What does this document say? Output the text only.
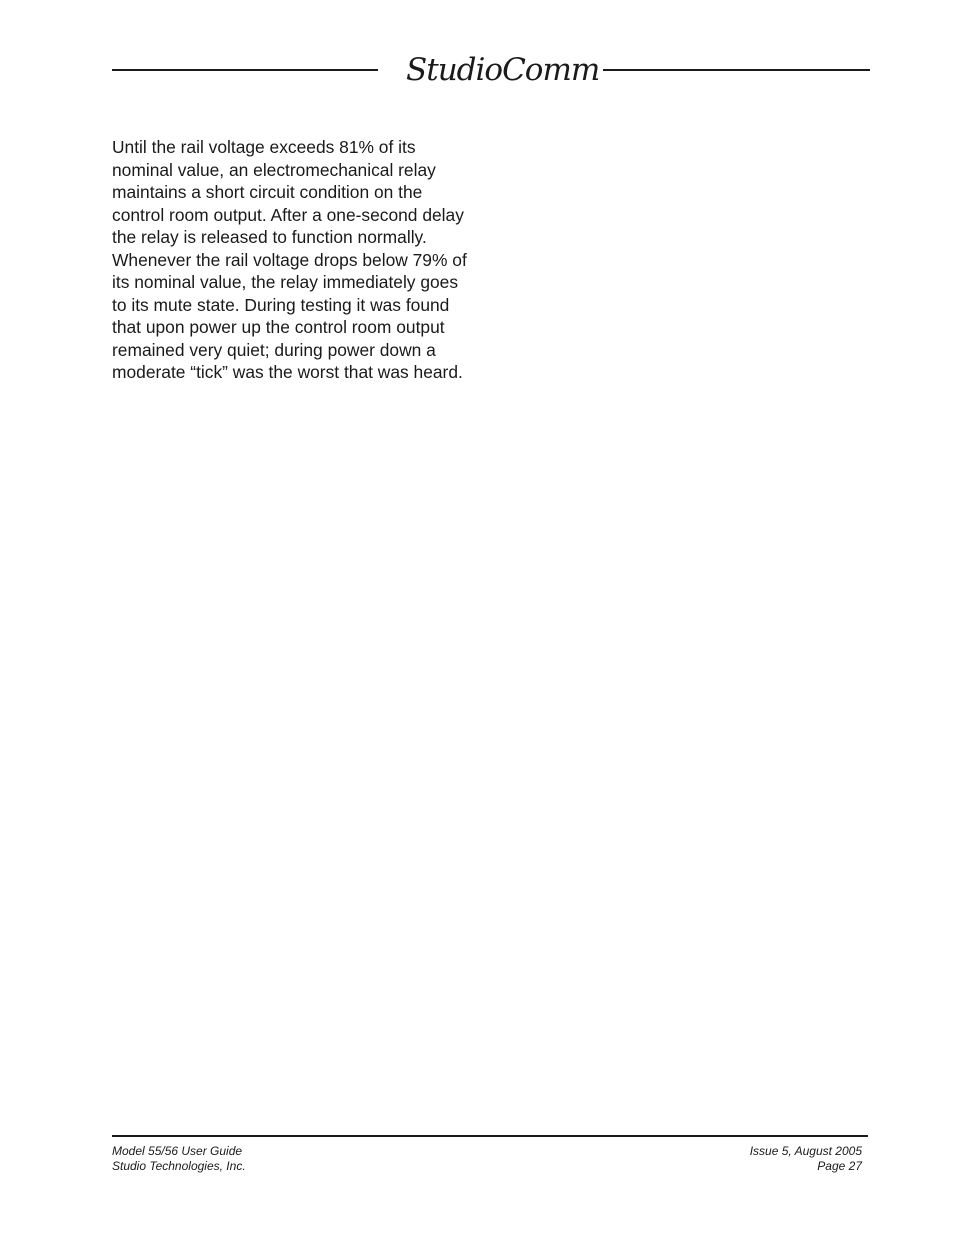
StudioComm

Until the rail voltage exceeds 81% of its nominal value, an electromechanical relay maintains a short circuit condition on the control room output. After a one-second delay the relay is released to function normally. Whenever the rail voltage drops below 79% of its nominal value, the relay immediately goes to its mute state. During testing it was found that upon power up the control room output remained very quiet; during power down a moderate “tick” was the worst that was heard.

Model 55/56 User Guide
Studio Technologies, Inc.
Issue 5, August 2005
Page 27
